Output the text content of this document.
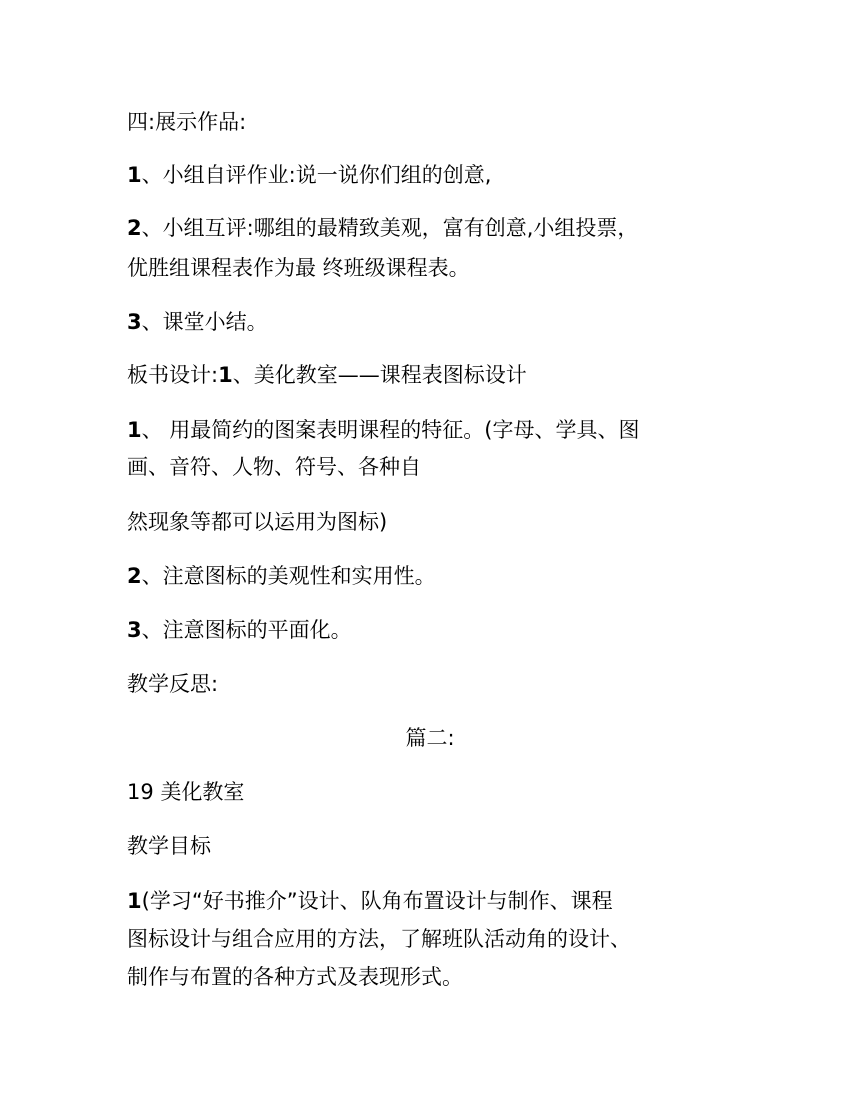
四:展示作品:
1、小组自评作业:说一说你们组的创意,
2、小组互评:哪组的最精致美观，富有创意,小组投票，
优胜组课程表作为最 终班级课程表。
3、课堂小结。
板书设计:1、美化教室——课程表图标设计
1、 用最简约的图案表明课程的特征。(字母、学具、图
画、音符、人物、符号、各种自
然现象等都可以运用为图标)
2、注意图标的美观性和实用性。
3、注意图标的平面化。
教学反思:
篇二:
19 美化教室
教学目标
1(学习“好书推介”设计、队角布置设计与制作、课程
图标设计与组合应用的方法，了解班队活动角的设计、
制作与布置的各种方式及表现形式。
